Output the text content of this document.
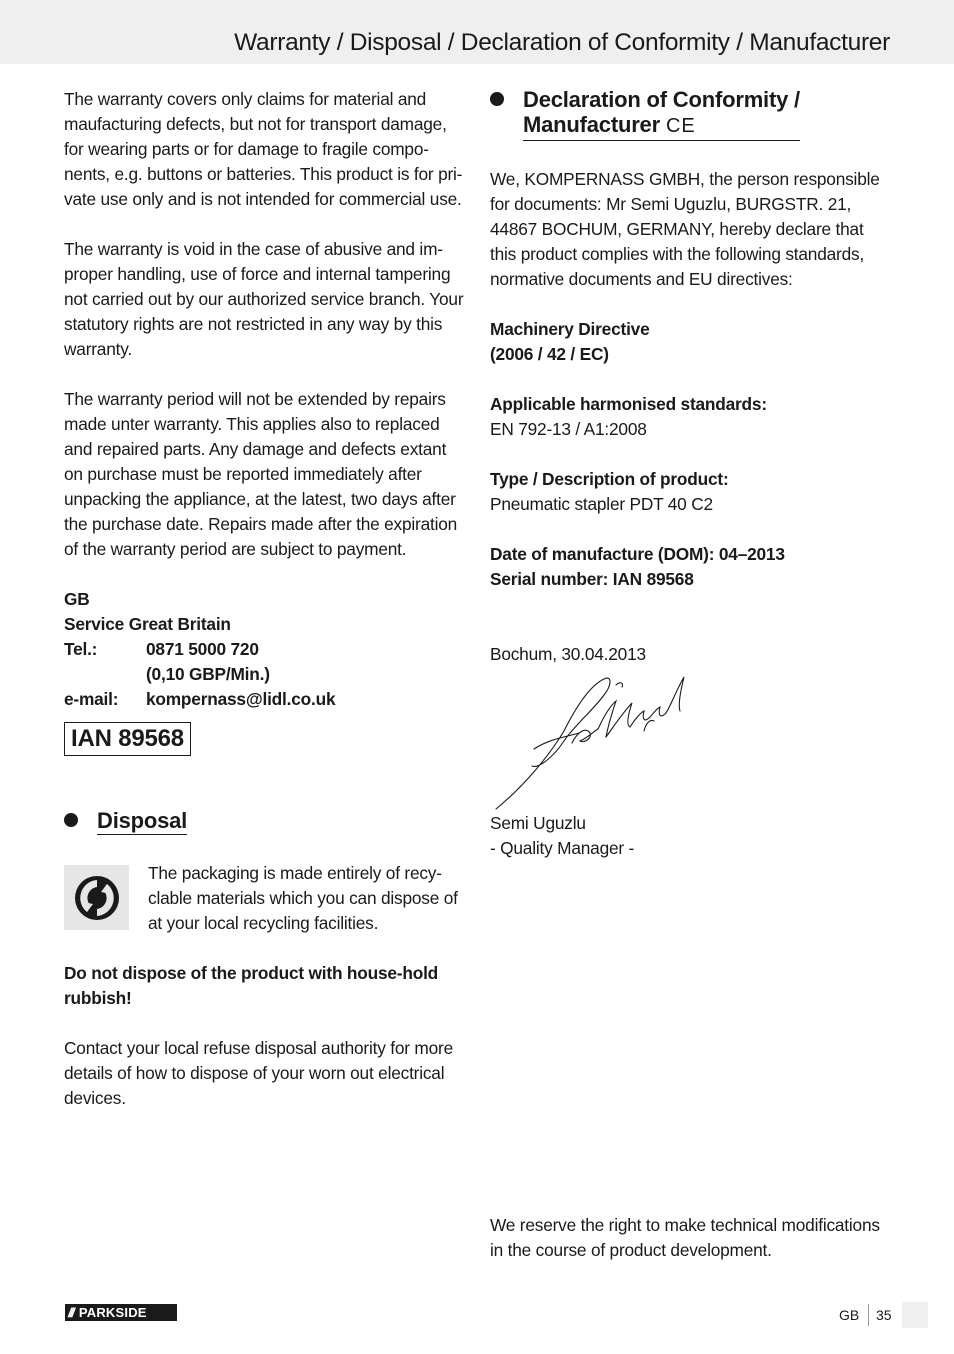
Warranty / Disposal / Declaration of Conformity / Manufacturer

The warranty covers only claims for material and maufacturing defects, but not for transport damage, for wearing parts or for damage to fragile compo-nents, e.g. buttons or batteries. This product is for pri-vate use only and is not intended for commercial use.

The warranty is void in the case of abusive and im-proper handling, use of force and internal tampering not carried out by our authorized service branch. Your statutory rights are not restricted in any way by this warranty.

The warranty period will not be extended by repairs made unter warranty. This applies also to replaced and repaired parts. Any damage and defects extant on purchase must be reported immediately after unpacking the appliance, at the latest, two days after the purchase date. Repairs made after the expiration of the warranty period are subject to payment.

GB

Service Great Britain

Tel.:	0871 5000 720
(0,10 GBP/Min.)
e-mail:	kompernass@lidl.co.uk
IAN 89568
Disposal

The packaging is made entirely of recy-clable materials which you can dispose of at your local recycling facilities.

Do not dispose of the product with house-hold rubbish!

Contact your local refuse disposal authority for more details of how to dispose of your worn out electrical devices.

Declaration of Conformity /
Manufacturer CE

We, KOMPERNASS GMBH, the person responsible for documents: Mr Semi Uguzlu, BURGSTR. 21, 44867 BOCHUM, GERMANY, hereby declare that this product complies with the following standards, normative documents and EU directives:

Machinery Directive

(2006 / 42 / EC)

Applicable harmonised standards:

EN 792-13 / A1:2008

Type / Description of product:

Pneumatic stapler PDT 40 C2

Date of manufacture (DOM): 04–2013

Serial number: IAN 89568

Bochum, 30.04.2013

Semi Uguzlu

- Quality Manager -

We reserve the right to make technical modifications in the course of product development.

/// PARKSIDE	GB 35
